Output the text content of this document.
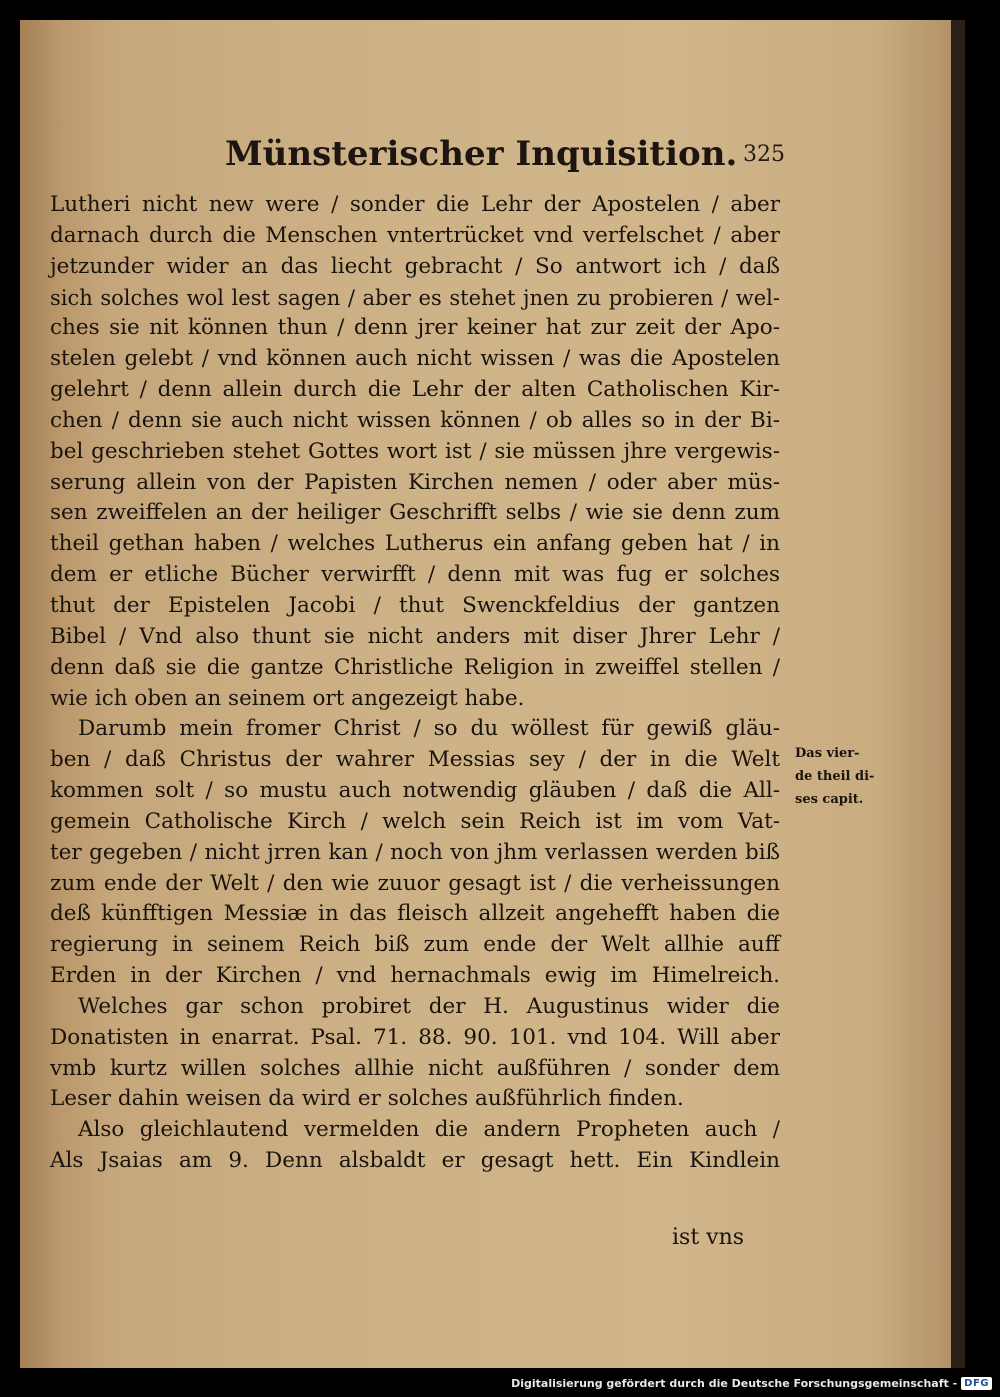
Münsterischer Inquisition. 325
Lutheri nicht new were / sonder die Lehr der Apostelen / aber
darnach durch die Menschen vntertrücket vnd verfelschet / aber
jetzunder wider an das liecht gebracht / So antwort ich / daß
sich solches wol lest sagen / aber es stehet jnen zu probieren / wel-
ches sie nit können thun / denn jrer keiner hat zur zeit der Apo-
stelen gelebt / vnd können auch nicht wissen / was die Apostelen
gelehrt / denn allein durch die Lehr der alten Catholischen Kir-
chen / denn sie auch nicht wissen können / ob alles so in der Bi-
bel geschrieben stehet Gottes wort ist / sie müssen jhre vergewis-
serung allein von der Papisten Kirchen nemen / oder aber müs-
sen zweiffelen an der heiliger Geschrifft selbs / wie sie denn zum
theil gethan haben / welches Lutherus ein anfang geben hat / in
dem er etliche Bücher verwirfft / denn mit was fug er solches
thut der Epistelen Jacobi / thut Swenckfeldius der gantzen
Bibel / Vnd also thunt sie nicht anders mit diser Jhrer Lehr /
denn daß sie die gantze Christliche Religion in zweiffel stellen /
wie ich oben an seinem ort angezeigt habe.
Darumb mein fromer Christ / so du wöllest für gewiß gläu-
ben / daß Christus der wahrer Messias sey / der in die Welt
kommen solt / so mustu auch notwendig gläuben / daß die All-
gemein Catholische Kirch / welch sein Reich ist im vom Vat-
ter gegeben / nicht jrren kan / noch von jhm verlassen werden biß
zum ende der Welt / den wie zuuor gesagt ist / die verheissungen
deß künfftigen Messiæ in das fleisch allzeit angehefft haben die
regierung in seinem Reich biß zum ende der Welt allhie auff
Erden in der Kirchen / vnd hernachmals ewig im Himelreich.
Welches gar schon probiret der H. Augustinus wider die
Donatisten in enarrat. Psal. 71. 88. 90. 101. vnd 104. Will aber
vmb kurtz willen solches allhie nicht außführen / sonder dem
Leser dahin weisen da wird er solches außführlich finden.
Also gleichlautend vermelden die andern Propheten auch /
Als Jsaias am 9. Denn alsbaldt er gesagt hett. Ein Kindlein
Das vier-
de theil di-
ses capit.
ist vns
Digitalisierung gefördert durch die Deutsche Forschungsgemeinschaft - DFG
